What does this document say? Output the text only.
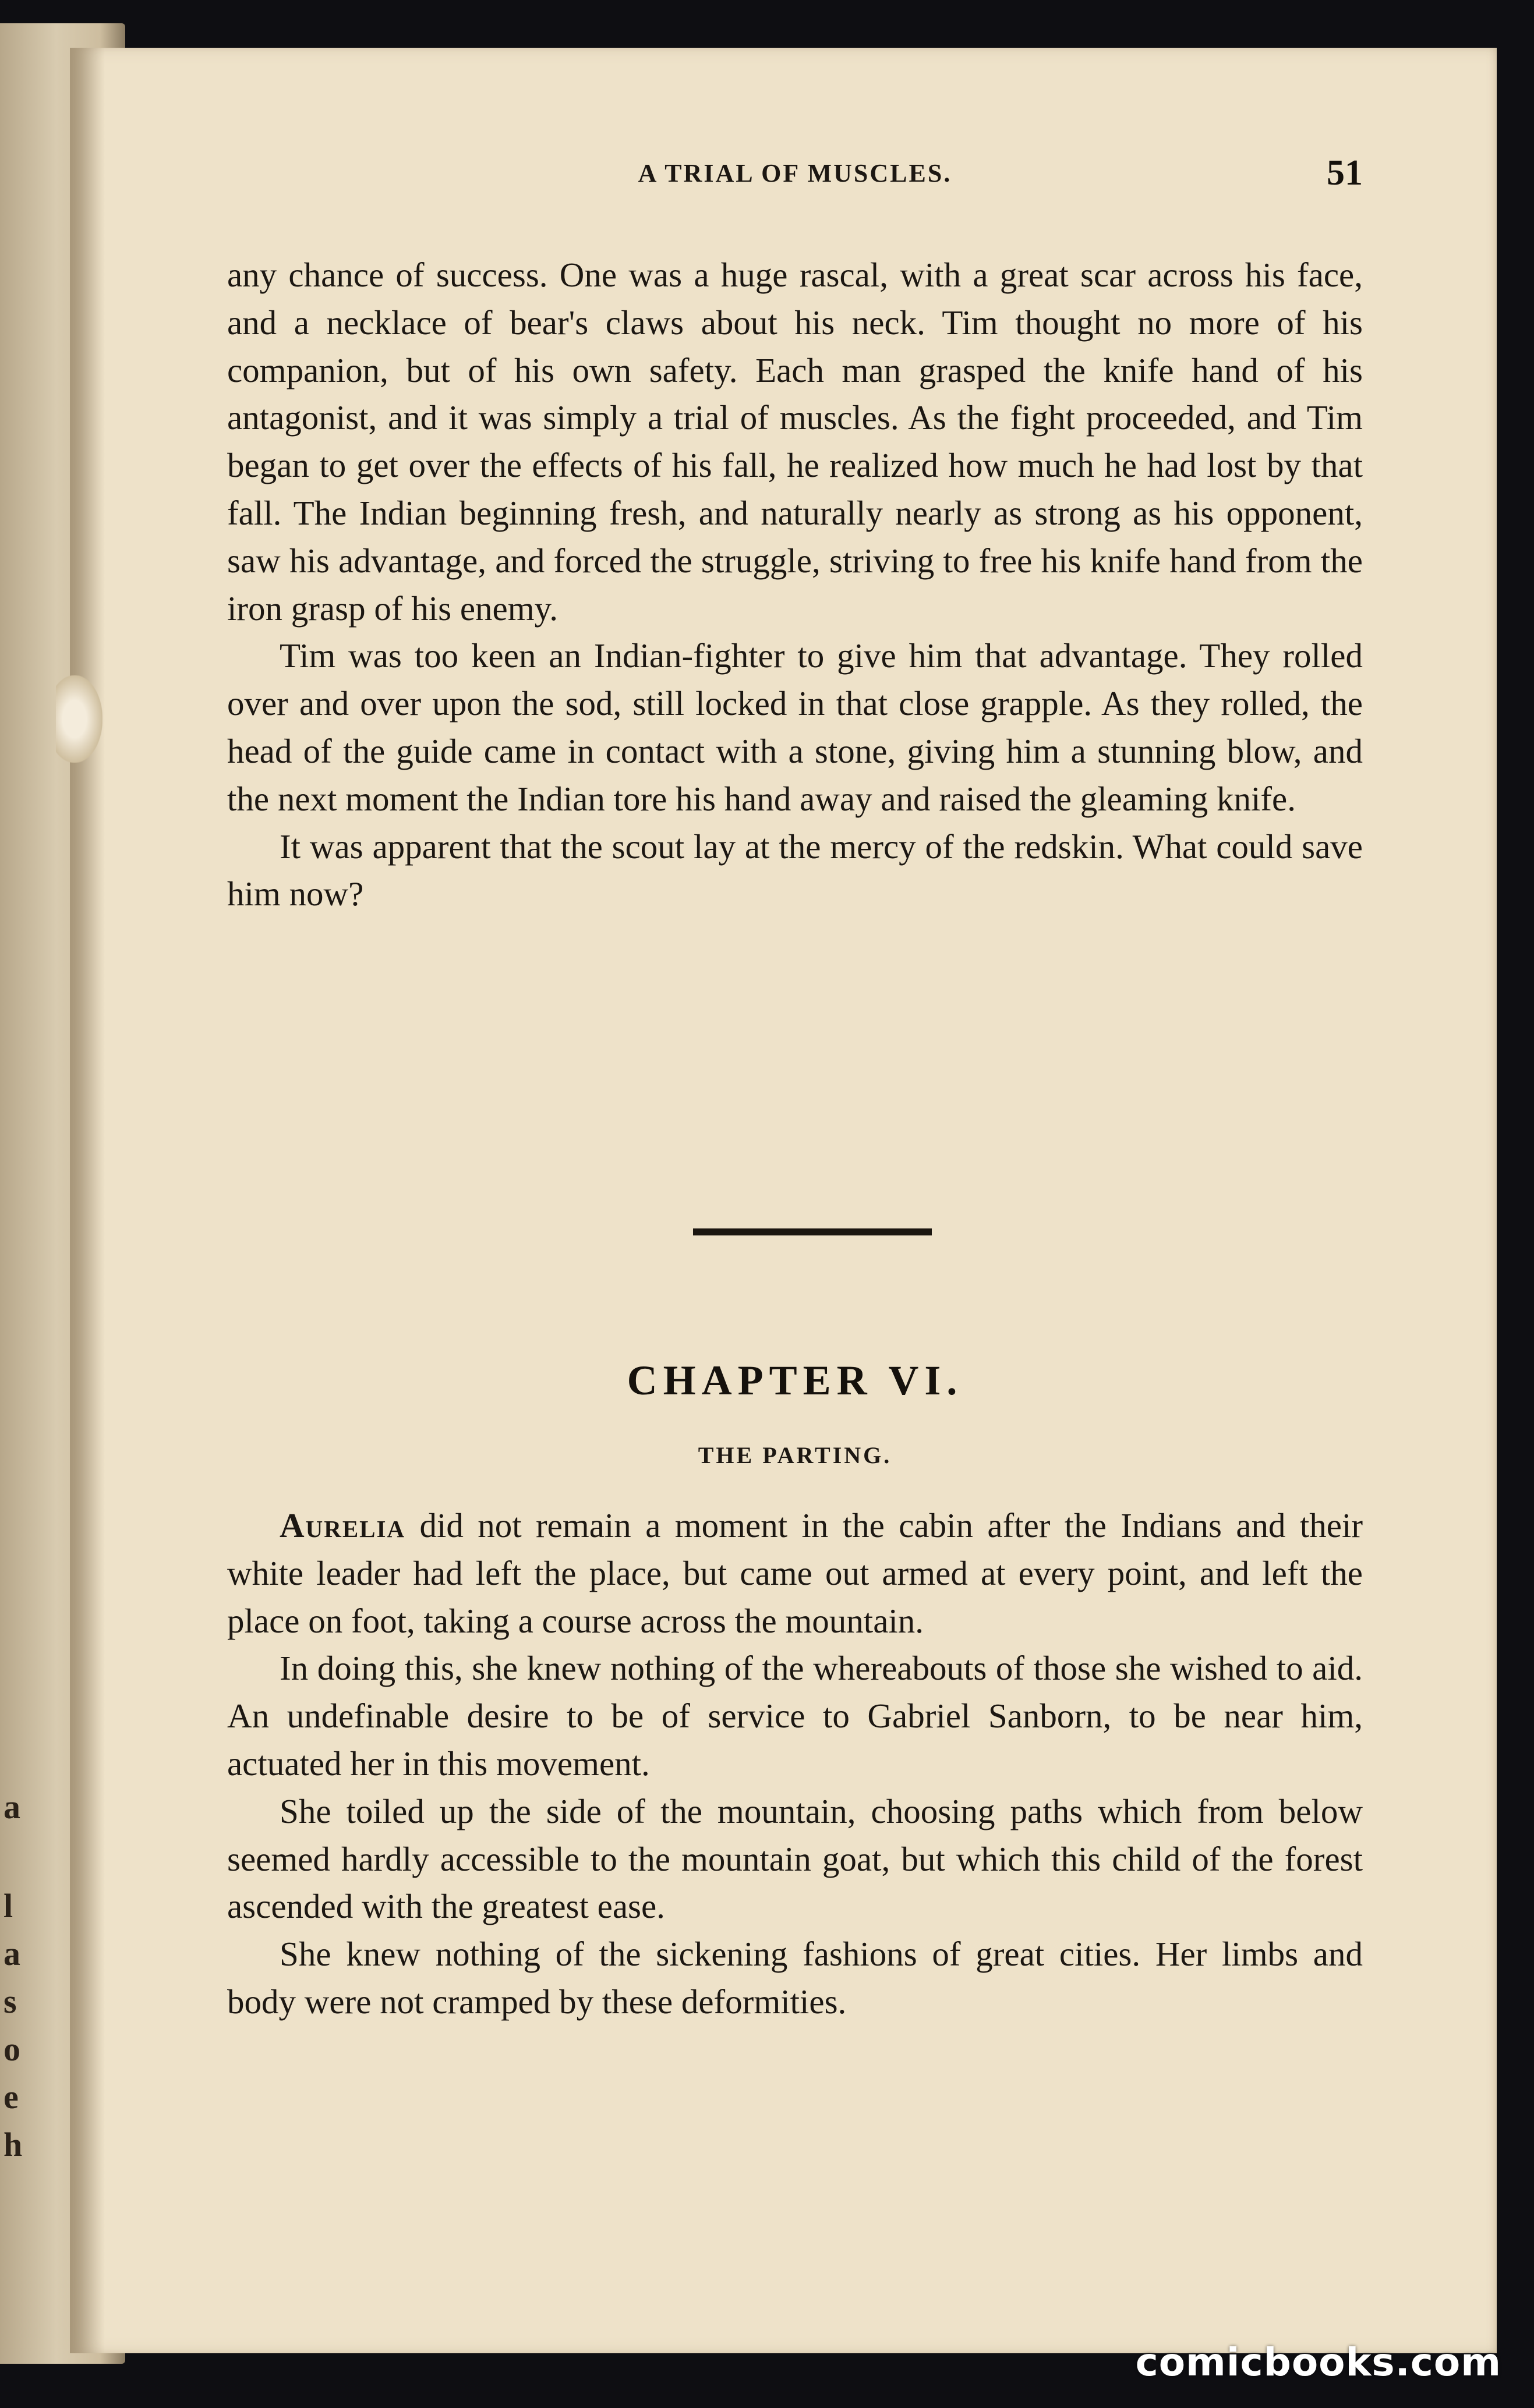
a
l
a
s
o
e
h
A TRIAL OF MUSCLES.	51

any chance of success. One was a huge rascal, with a great scar across his face, and a necklace of bear's claws about his neck. Tim thought no more of his companion, but of his own safety. Each man grasped the knife hand of his antagonist, and it was simply a trial of muscles. As the fight proceeded, and Tim began to get over the effects of his fall, he realized how much he had lost by that fall. The Indian beginning fresh, and naturally nearly as strong as his opponent, saw his advantage, and forced the struggle, striving to free his knife hand from the iron grasp of his enemy.

Tim was too keen an Indian-fighter to give him that advantage. They rolled over and over upon the sod, still locked in that close grapple. As they rolled, the head of the guide came in contact with a stone, giving him a stunning blow, and the next moment the Indian tore his hand away and raised the gleaming knife.

It was apparent that the scout lay at the mercy of the redskin. What could save him now?

CHAPTER VI.
THE PARTING.

Aurelia did not remain a moment in the cabin after the Indians and their white leader had left the place, but came out armed at every point, and left the place on foot, taking a course across the mountain.

In doing this, she knew nothing of the whereabouts of those she wished to aid. An undefinable desire to be of service to Gabriel Sanborn, to be near him, actuated her in this movement.

She toiled up the side of the mountain, choosing paths which from below seemed hardly accessible to the mountain goat, but which this child of the forest ascended with the greatest ease.

She knew nothing of the sickening fashions of great cities. Her limbs and body were not cramped by these deformities.

comicbooks.com
